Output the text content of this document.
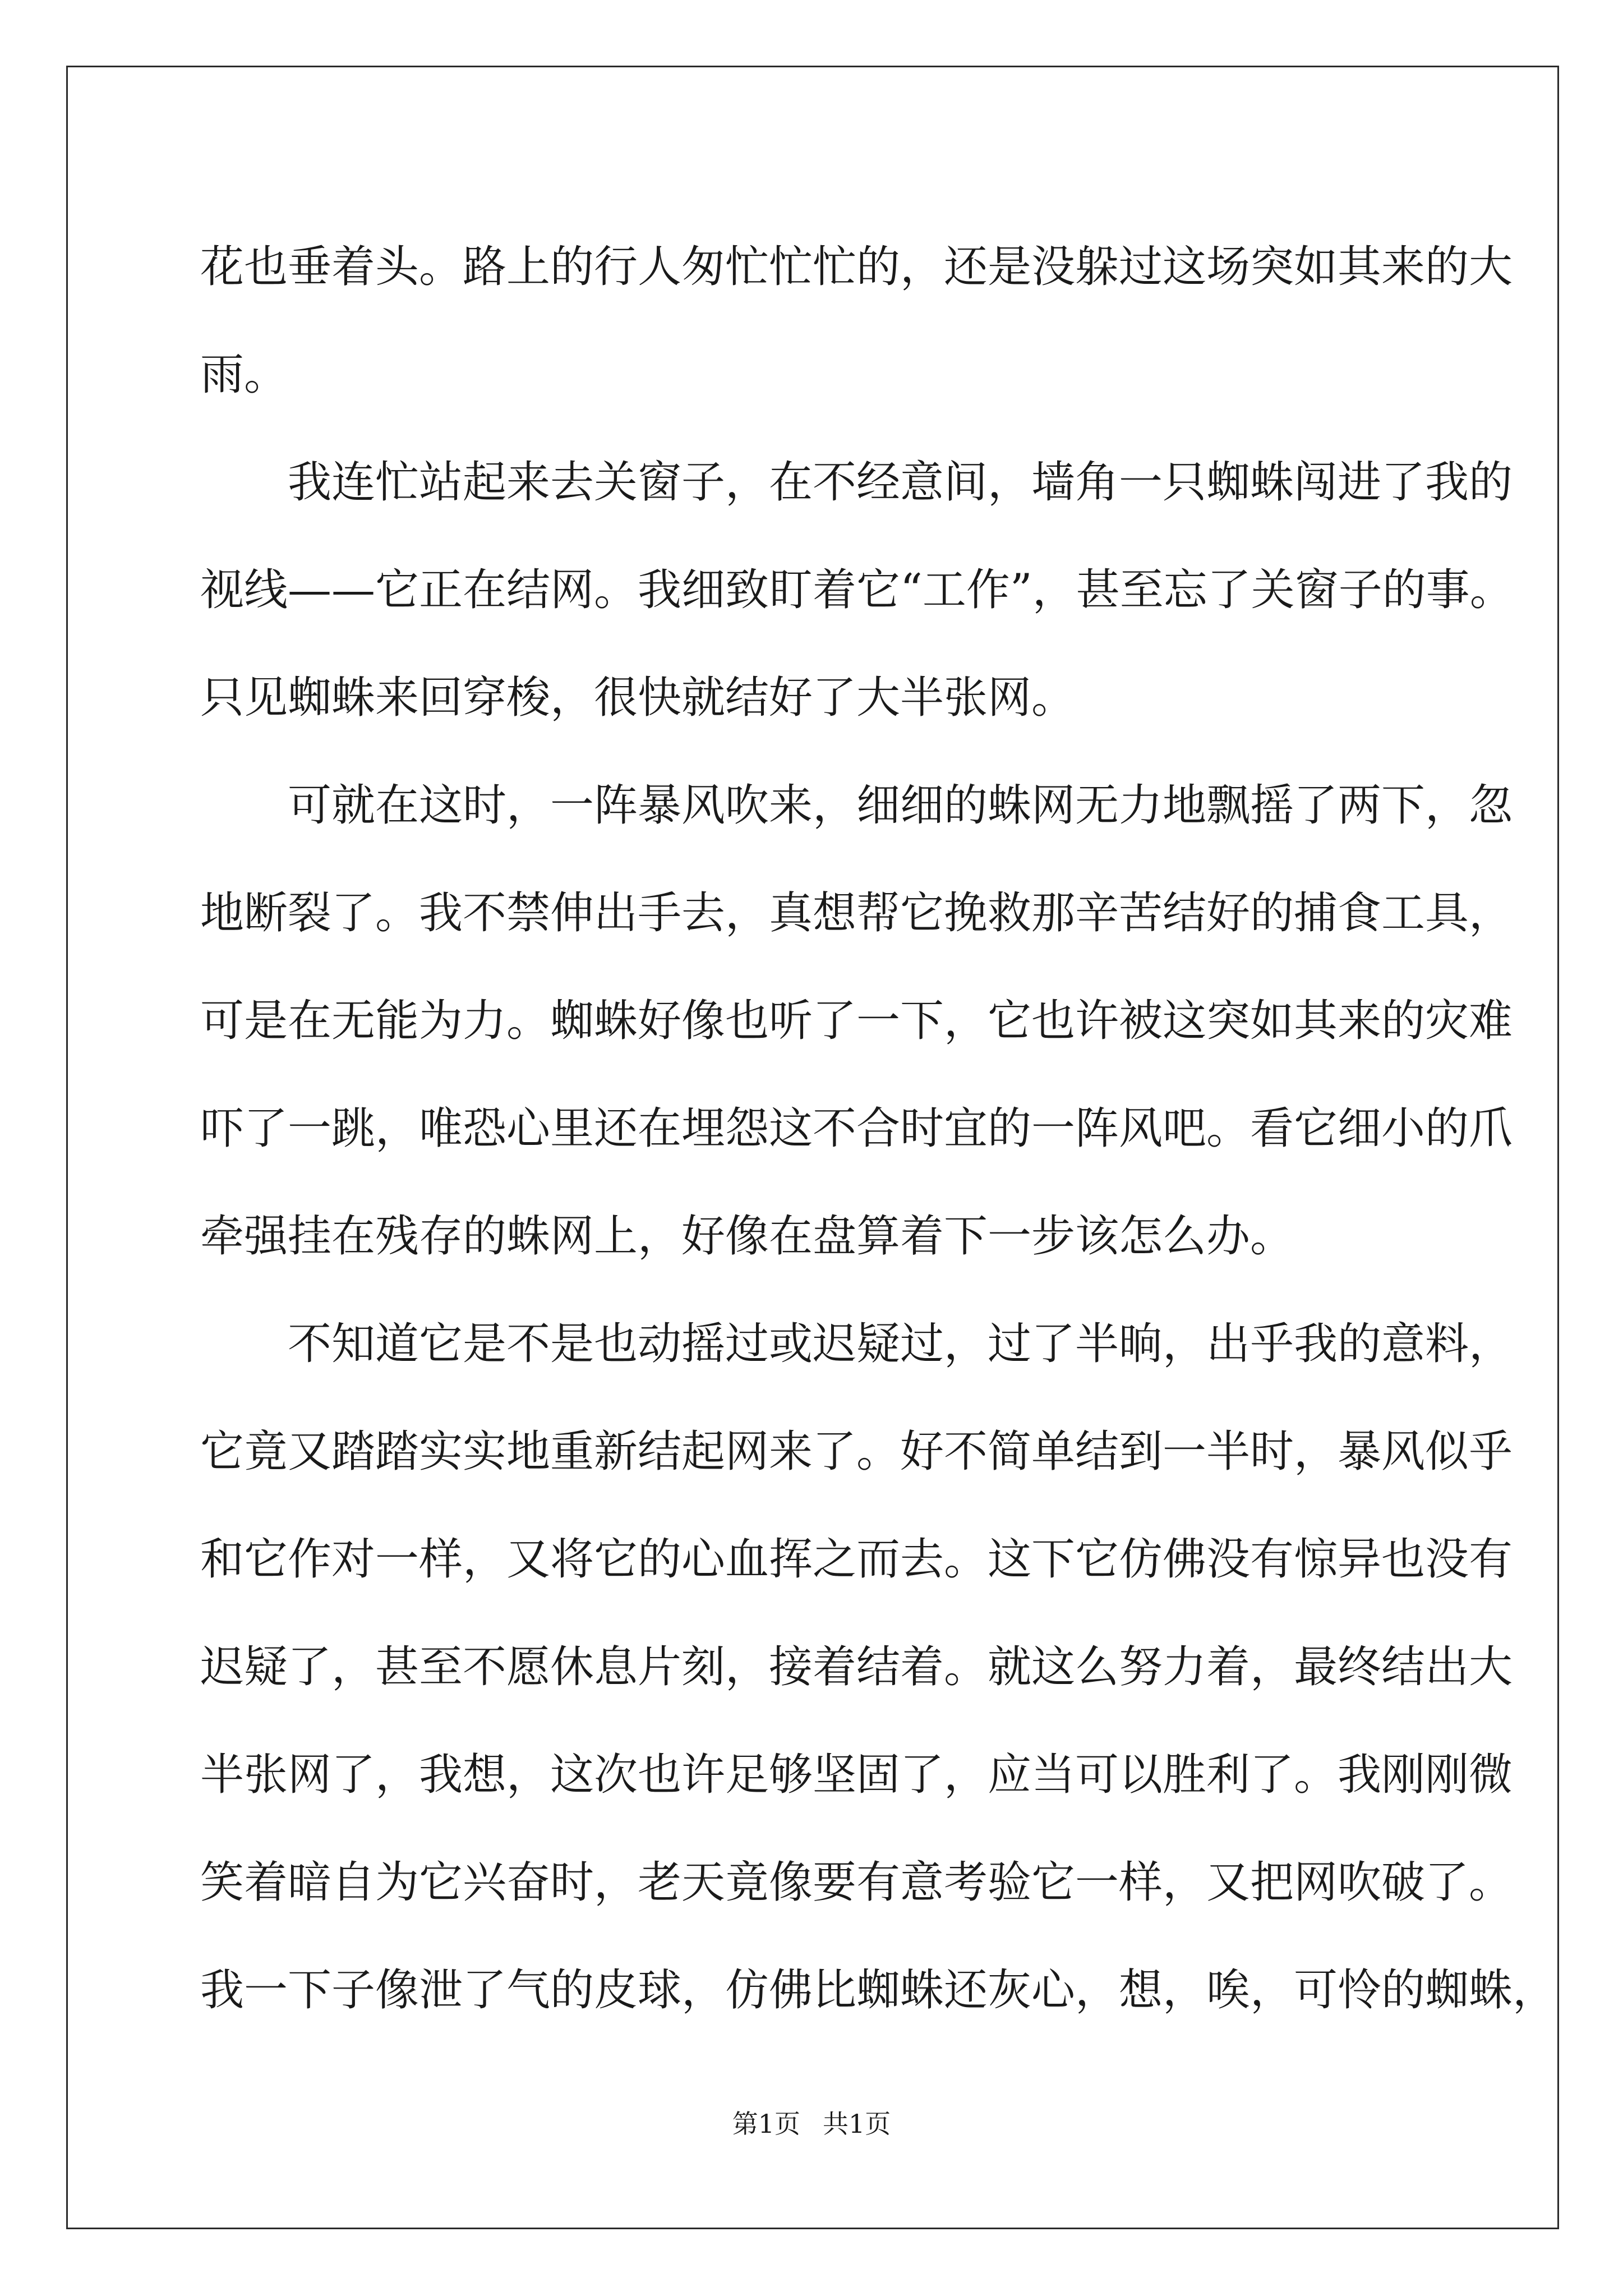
花也垂着头。路上的行人匆忙忙忙的，还是没躲过这场突如其来的大
雨。
我连忙站起来去关窗子，在不经意间，墙角一只蜘蛛闯进了我的
视线——它正在结网。我细致盯着它“工作”，甚至忘了关窗子的事。
只见蜘蛛来回穿梭，很快就结好了大半张网。
可就在这时，一阵暴风吹来，细细的蛛网无力地飘摇了两下，忽
地断裂了。我不禁伸出手去，真想帮它挽救那辛苦结好的捕食工具，
可是在无能为力。蜘蛛好像也听了一下，它也许被这突如其来的灾难
吓了一跳，唯恐心里还在埋怨这不合时宜的一阵风吧。看它细小的爪
牵强挂在残存的蛛网上，好像在盘算着下一步该怎么办。
不知道它是不是也动摇过或迟疑过，过了半晌，出乎我的意料，
它竟又踏踏实实地重新结起网来了。好不简单结到一半时，暴风似乎
和它作对一样，又将它的心血挥之而去。这下它仿佛没有惊异也没有
迟疑了，甚至不愿休息片刻，接着结着。就这么努力着，最终结出大
半张网了，我想，这次也许足够坚固了，应当可以胜利了。我刚刚微
笑着暗自为它兴奋时，老天竟像要有意考验它一样，又把网吹破了。
我一下子像泄了气的皮球，仿佛比蜘蛛还灰心，想，唉，可怜的蜘蛛，
第1页 共1页
